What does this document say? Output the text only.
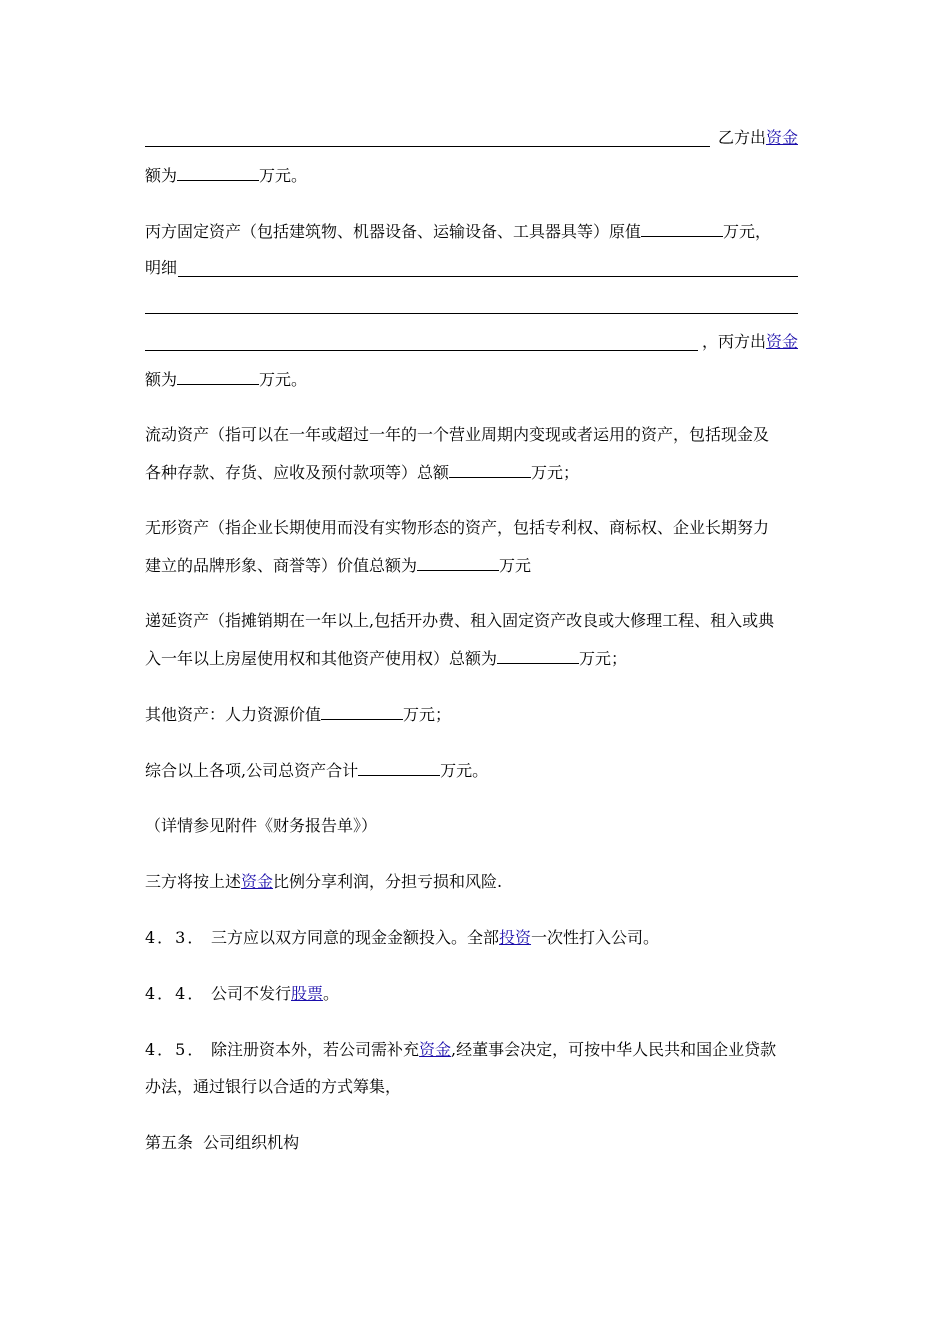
乙方出资金
额为	万元。
丙方固定资产（包括建筑物、机器设备、运输设备、工具器具等）原值	万元，
明细
，丙方出资金
额为	万元。
流动资产（指可以在一年或超过一年的一个营业周期内变现或者运用的资产，包括现金及
各种存款、存货、应收及预付款项等）总额	万元；
无形资产（指企业长期使用而没有实物形态的资产，包括专利权、商标权、企业长期努力
建立的品牌形象、商誉等）价值总额为	万元
递延资产（指摊销期在一年以上,包括开办费、租入固定资产改良或大修理工程、租入或典
入一年以上房屋使用权和其他资产使用权）总额为	万元；
其他资产：人力资源价值	万元；
综合以上各项,公司总资产合计	万元。
（详情参见附件《财务报告单》）
三方将按上述资金比例分享利润，分担亏损和风险.
4．3． 三方应以双方同意的现金金额投入。全部投资一次性打入公司。
4．4． 公司不发行股票。
4．5． 除注册资本外，若公司需补充资金,经董事会决定，可按中华人民共和国企业贷款
办法，通过银行以合适的方式筹集，
第五条  公司组织机构
